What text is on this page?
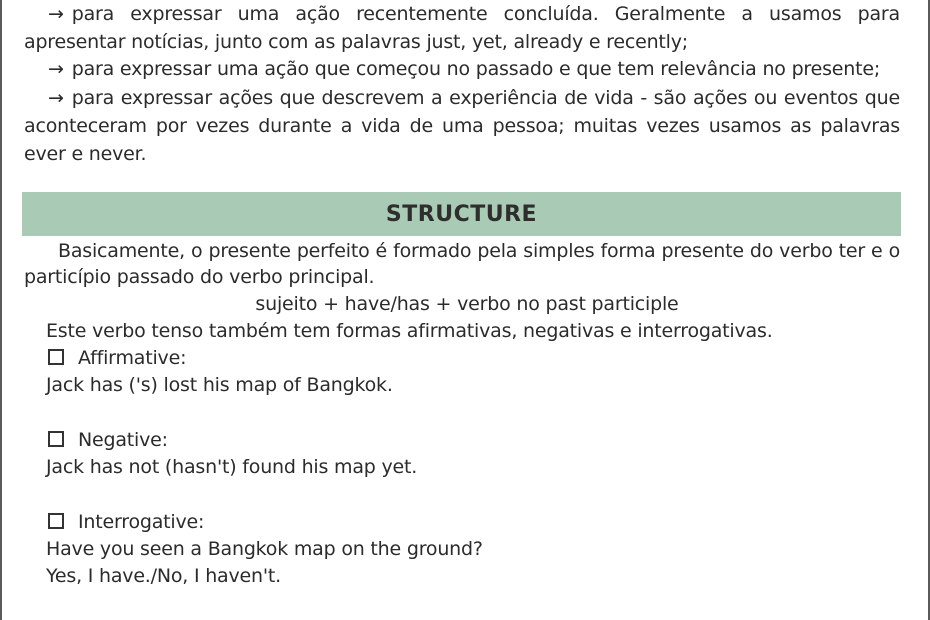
→ para expressar uma ação recentemente concluída. Geralmente a usamos para apresentar notícias, junto com as palavras just, yet, already e recently;

→ para expressar uma ação que começou no passado e que tem relevância no presente;

→ para expressar ações que descrevem a experiência de vida - são ações ou eventos que aconteceram por vezes durante a vida de uma pessoa; muitas vezes usamos as palavras ever e never.

STRUCTURE

Basicamente, o presente perfeito é formado pela simples forma presente do verbo ter e o particípio passado do verbo principal.

sujeito + have/has + verbo no past participle
Este verbo tenso também tem formas afirmativas, negativas e interrogativas.
Affirmative:
Jack has ('s) lost his map of Bangkok.
Negative:
Jack has not (hasn't) found his map yet.
Interrogative:
Have you seen a Bangkok map on the ground?
Yes, I have./No, I haven't.
